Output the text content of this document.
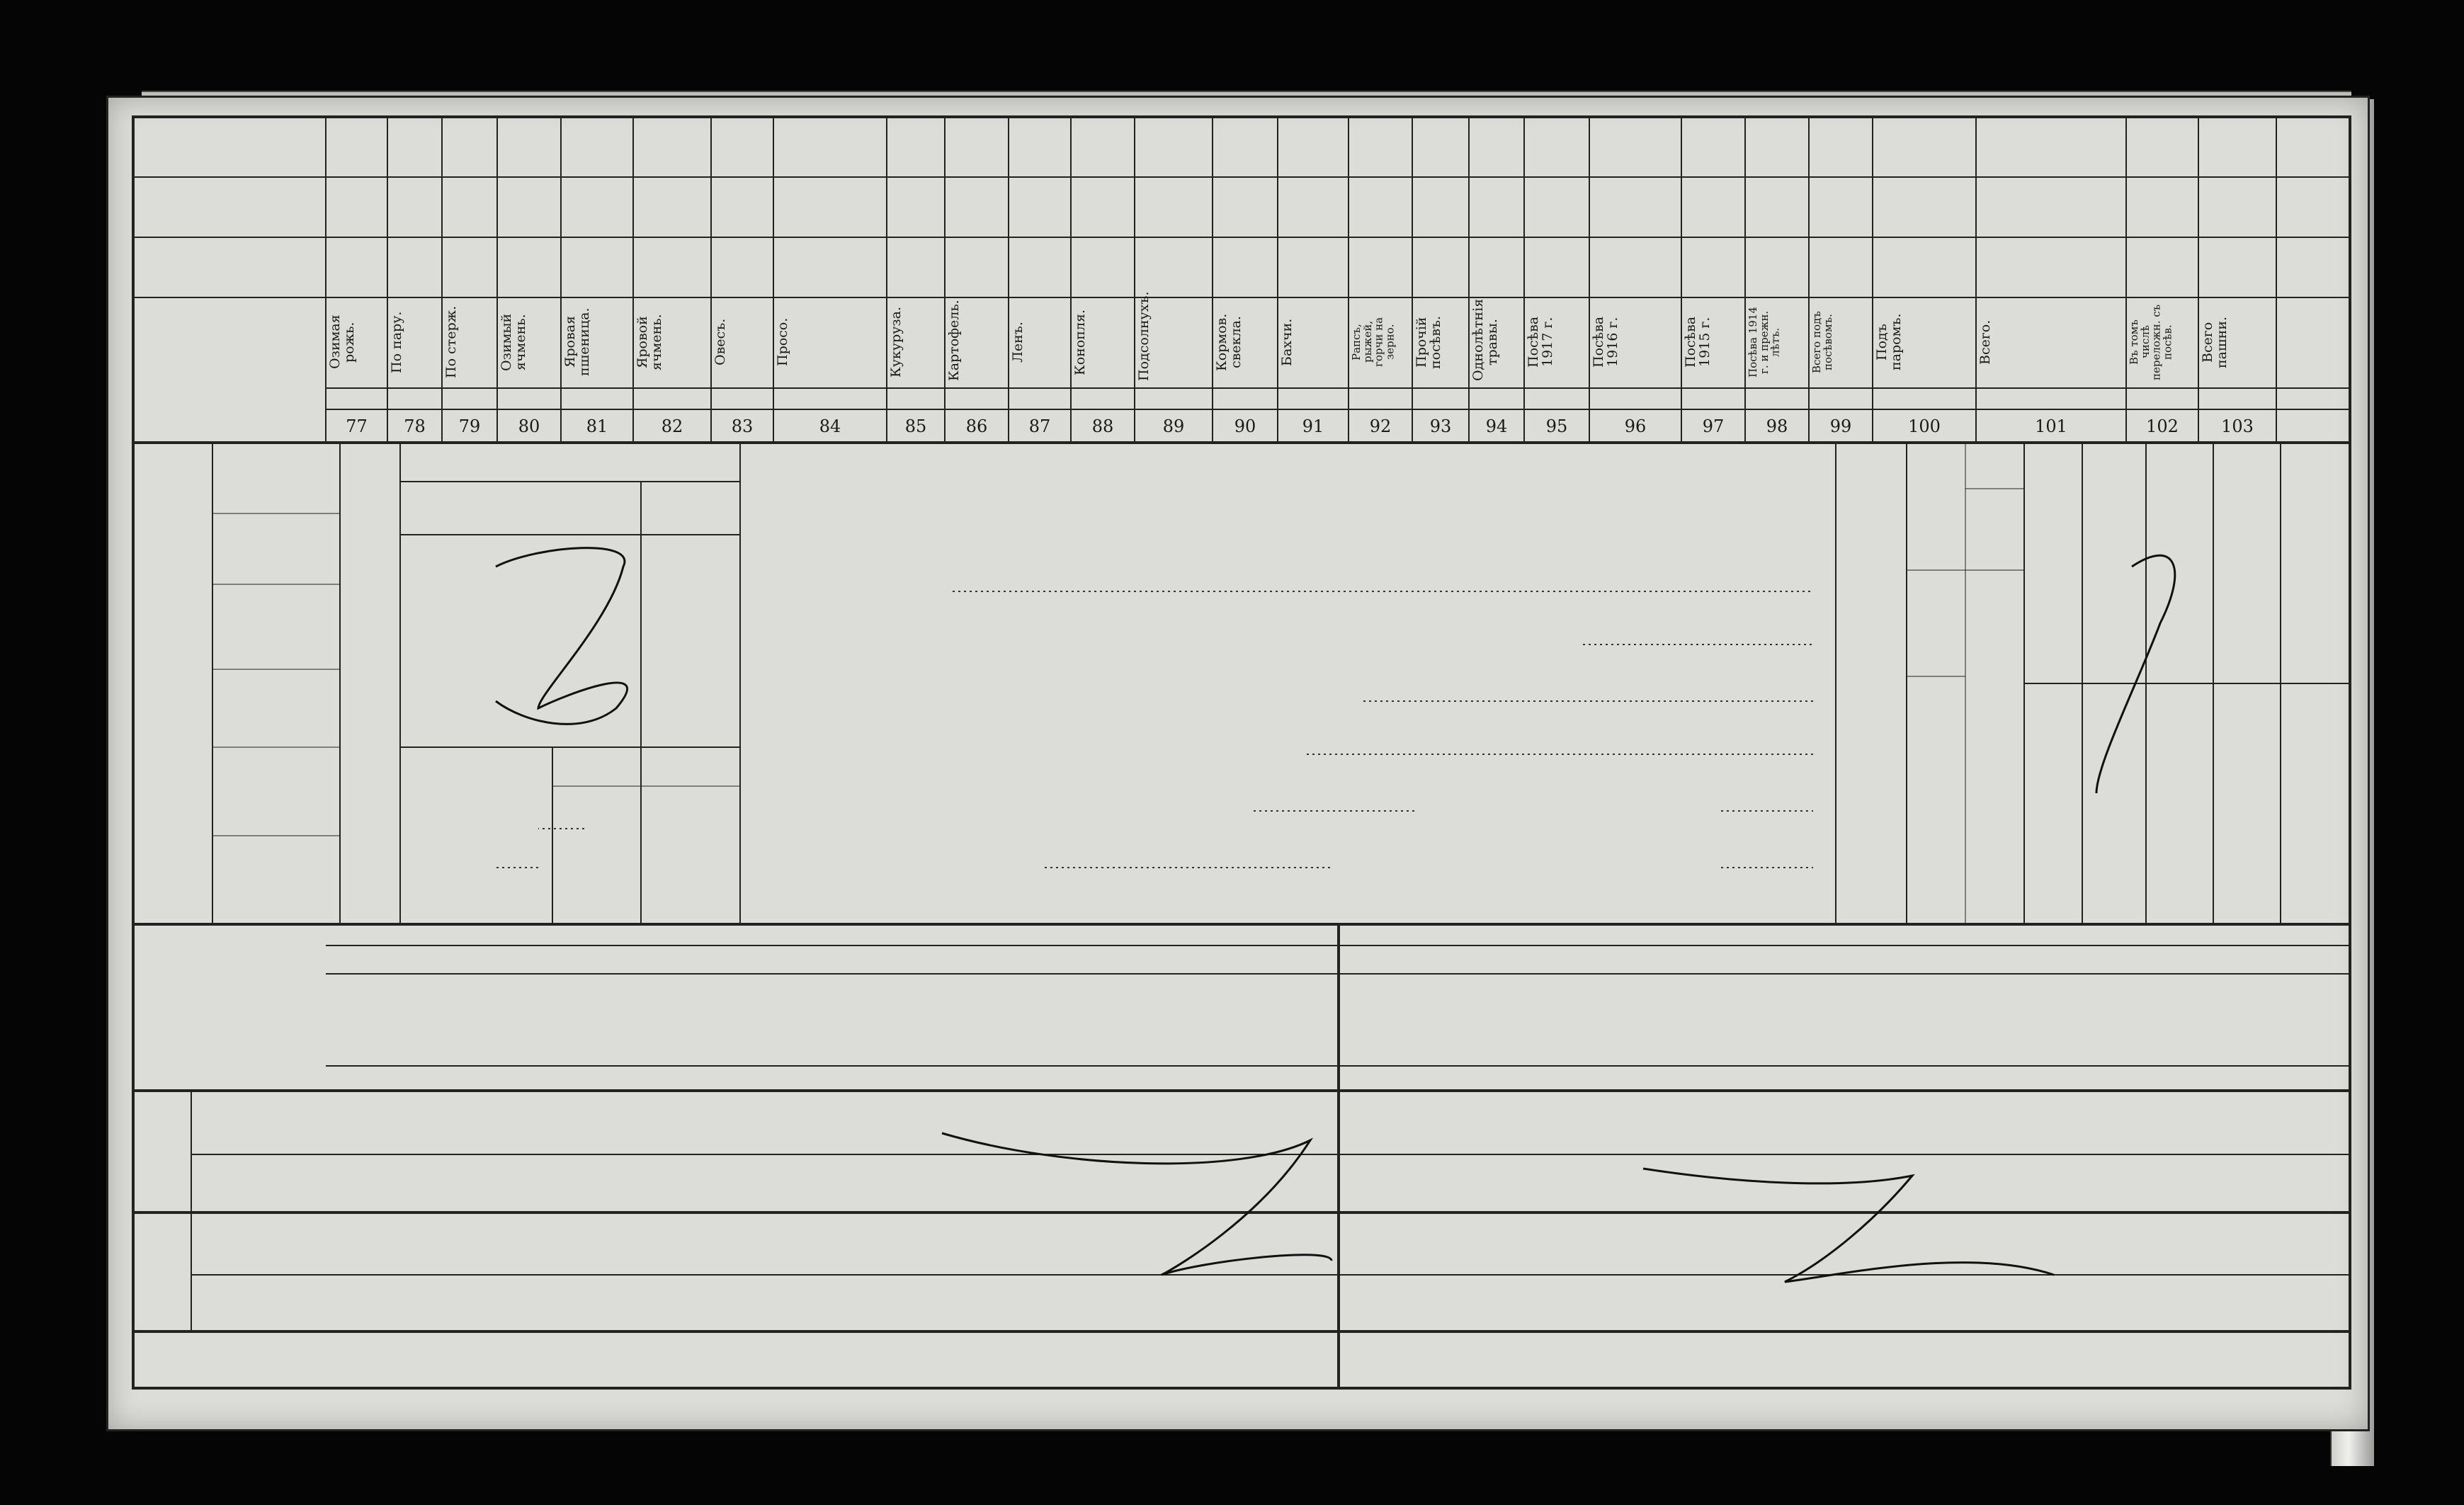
Озимая рожь.	По пару.	По стерж.	Озимый ячмень.	Яровая пшеница.	Яровой ячмень.	Овесъ.	Просо.	Кукуруза.	Картофель.	Ленъ.	Конопля.	Подсолнухъ.	Кормов. свекла.	Бахчи.	Рапсъ, рыжей, горчи на зерно.	Прочій посѣвъ.	Однолѣтнія травы.	Посѣва 1917 г.	Посѣва 1916 г.	Посѣва 1915 г.	Посѣва 1914 г. и прежн. лѣтъ.	Всего подъ посѣвомъ.	Подъ паромъ.	Всего.	Въ томъ числѣ переложн. съ посѣв.	Всего пашни.
77	78	79	80	81	82	83	84	85	86	87	88	89	90	91	92	93	94	95	96	97	98	99	100	101	102	103
